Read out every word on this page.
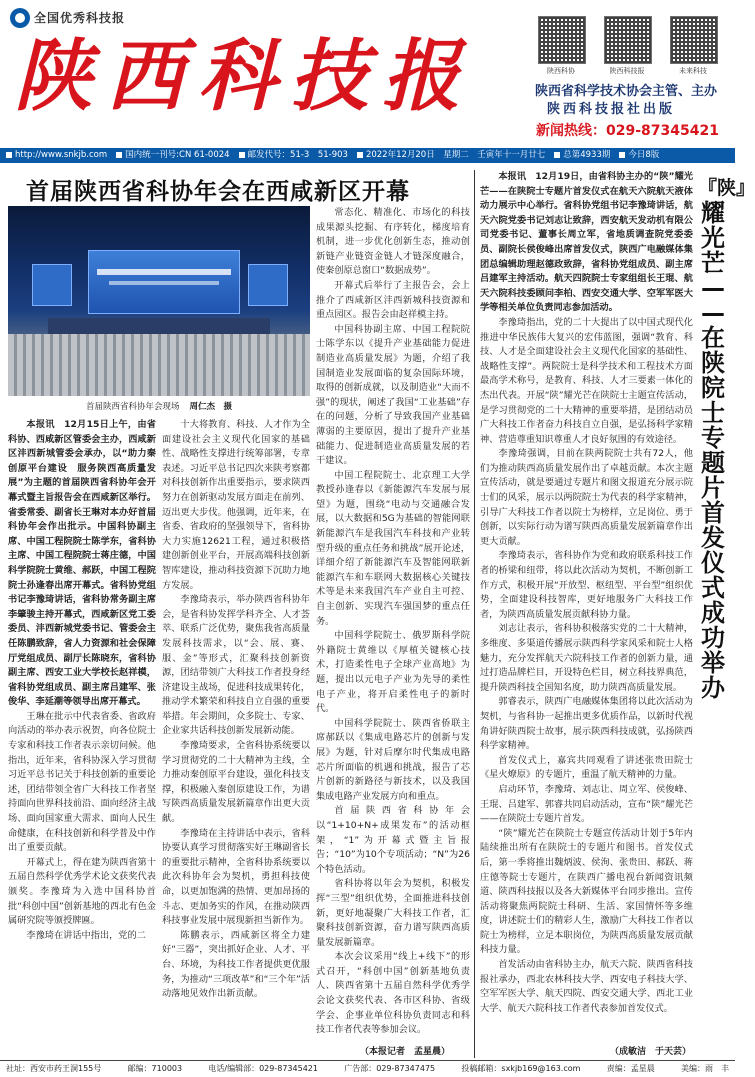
全国优秀科技报
陕西科技报	陕西科协	陕西科技报	未来科技
陕西省科学技术协会主管、主办
陕西科技报社出版
新闻热线：029-87345421
http://www.snkjb.com	国内统一刊号:CN 61-0024	邮发代号：51-3　51-903	2022年12月20日　星期二　壬寅年十一月廿七	总第4933期	今日8版
首届陕西省科协年会在西咸新区开幕
首届陕西省科协年会现场 周仁杰　摄

本报讯　12月15日上午，由省科协、西咸新区管委会主办，西咸新区沣西新城管委会承办，以“助力秦创原平台建设　服务陕西高质量发展”为主题的首届陕西省科协年会开幕式暨主旨报告会在西咸新区举行。省委常委、副省长王琳对本办好首届科协年会作出批示。中国科协副主席、中国工程院院士陈学东，省科协主席、中国工程院院士蒋庄德，中国科学院院士黄维、郝跃，中国工程院院士孙逢春出席开幕式。省科协党组书记李豫琦讲话，省科协常务副主席李肇骏主持开幕式，西咸新区党工委委员、沣西新城党委书记、管委会主任陈鹏致辞，省人力资源和社会保障厅党组成员、副厅长陈晓东，省科协副主席、西安工业大学校长赵祥模，省科协党组成员、副主席吕建军、张俊华、李延潮等领导出席开幕式。

王琳在批示中代表省委、省政府向活动的举办表示祝贺，向各位院士专家和科技工作者表示亲切问候。他指出，近年来，省科协深入学习贯彻习近平总书记关于科技创新的重要论述，团结带领全省广大科技工作者坚持面向世界科技前沿、面向经济主战场、面向国家重大需求、面向人民生命健康，在科技创新和科学普及中作出了重要贡献。

开幕式上，得在建为陕西省第十五届自然科学优秀学术论文获奖代表颁奖。李豫琦为入选中国科协首批“科创中国”创新基地的西北有色金属研究院等颁授牌匾。

李豫琦在讲话中指出，党的二

十大将教育、科技、人才作为全面建设社会主义现代化国家的基础性、战略性支撑进行统筹部署，专章表述。习近平总书记四次来陕考察都对科技创新作出重要指示，要求陕西努力在创新驱动发展方面走在前列、迈出更大步伐。他强调，近年来，在省委、省政府的坚强领导下，省科协大力实施12621工程，通过积极搭建创新创业平台，开展高端科技创新智库建设，推动科技资源下沉助力地方发展。

李豫琦表示，举办陕西省科协年会，是省科协发挥学科齐全、人才荟萃、联系广泛优势，聚焦我省高质量发展科技需求，以“会、展、赛、服、金”等形式，汇聚科技创新资源，团结带领广大科技工作者投身经济建设主战场，促进科技成果转化，推动学术繁荣和科技自立自强的重要举措。年会期间，众多院士、专家、企业家共话科技创新发展新动能。

李豫琦要求，全省科协系统要以学习贯彻党的二十大精神为主线，全力推动秦创原平台建设，强化科技支撑，积极融入秦创原建设工作，为谱写陕西高质量发展新篇章作出更大贡献。

李豫琦在主持讲话中表示，省科协要认真学习贯彻落实好王琳副省长的重要批示精神，全省科协系统要以此次科协年会为契机，勇担科技使命，以更加饱满的热情、更加昂扬的斗志、更加务实的作风，在推动陕西科技事业发展中展现新担当新作为。

陈鹏表示，西咸新区将全力建好“三器”，突出抓好企业、人才、平台、环境，为科技工作者提供更优服务，为推动“三项改革”和“三个年”活动落地见效作出新贡献。

常态化、精准化、市场化的科技成果源头挖掘、有序转化，梯度培育机制，进一步优化创新生态，推动创新链产业链资金链人才链深度融合，使秦创原总窗口“数据成势”。

开幕式后举行了主报告会，会上推介了西咸新区沣西新城科技资源和重点园区。报告会由赵祥模主持。

中国科协副主席、中国工程院院士陈学东以《提升产业基础能力促进制造业高质量发展》为题，介绍了我国制造业发展面临的复杂国际环境，取得的创新成就，以及制造业“大而不强”的现状，阐述了我国“工业基础”存在的问题，分析了导致我国产业基础薄弱的主要原因，提出了提升产业基础能力、促进制造业高质量发展的若干建议。

中国工程院院士、北京理工大学教授孙逢春以《新能源汽车发展与展望》为题，围绕“电动与交通融合发展，以大数据和5G为基础的智能网联新能源汽车是我国汽车科技和产业转型升级的重点任务和挑战”展开论述，详细介绍了新能源汽车及智能网联新能源汽车和车联网大数据核心关键技术等是未来我国汽车产业自主可控、自主创新、实现汽车强国梦的重点任务。

中国科学院院士、俄罗斯科学院外籍院士黄维以《厚植关键核心技术，打造柔性电子全球产业高地》为题，提出以元电子产业为先导的柔性电子产业，将开启柔性电子的新时代。

中国科学院院士、陕西省侨联主席郝跃以《集成电路芯片的创新与发展》为题，针对后摩尔时代集成电路芯片所面临的机遇和挑战，报告了芯片创新的新路径与新技术，以及我国集成电路产业发展方向和重点。

首届陕西省科协年会以“1+10+N+成果发布”的活动框架，“1”为开幕式暨主旨报告；“10”为10个专项活动；“N”为26个特色活动。

省科协将以年会为契机，积极发挥“三型”组织优势，全面推进科技创新，更好地凝聚广大科技工作者，汇聚科技创新资源，奋力谱写陕西高质量发展新篇章。

本次会议采用“线上+线下”的形式召开，“科创中国”创新基地负责人、陕西省第十五届自然科学优秀学会论文获奖代表、各市区科协、省级学会、企事业单位科协负责同志和科技工作者代表等参加会议。

（本报记者　孟星晨）

本报讯　12月19日，由省科协主办的“陕”耀光芒——在陕院士专题片首发仪式在航天六院航天液体动力展示中心举行。省科协党组书记李豫琦讲话，航天六院党委书记刘志让致辞，西安航天发动机有限公司党委书记、董事长周立军，省地质调查院党委委员、副院长侯俊峰出席首发仪式，陕西广电融媒体集团总编辑助理赵德政致辞，省科协党组成员、副主席吕建军主持活动。航天四院院士专家组组长王琨、航天六院科技委顾问李柏、西安交通大学、空军军医大学等相关单位负责同志参加活动。

李豫琦指出，党的二十大提出了以中国式现代化推进中华民族伟大复兴的宏伟蓝图，强调“教育、科技、人才是全面建设社会主义现代化国家的基础性、战略性支撑”。两院院士是科学技术和工程技术方面最高学术称号，是教育、科技、人才三要素一体化的杰出代表。开展“陕”耀光芒在陕院士主题宣传活动，是学习贯彻党的二十大精神的重要举措，是团结动员广大科技工作者奋力科技自立自强，是弘扬科学家精神、营造尊重知识尊重人才良好氛围的有效途径。

李豫琦强调，目前在陕两院院士共有72人，他们为推动陕西高质量发展作出了卓越贡献。本次主题宣传活动，就是要通过专题片和图文报道充分展示院士们的风采，展示以两院院士为代表的科学家精神，引导广大科技工作者以院士为榜样，立足岗位、勇于创新，以实际行动为谱写陕西高质量发展新篇章作出更大贡献。

李豫琦表示，省科协作为党和政府联系科技工作者的桥梁和纽带，将以此次活动为契机，不断创新工作方式，积极开展“开放型、枢纽型、平台型”组织优势，全面建设科技智库，更好地服务广大科技工作者，为陕西高质量发展贡献科协力量。

刘志让表示，省科协积极落实党的二十大精神，多维度、多渠道传播展示陕西科学家风采和院士人格魅力，充分发挥航天六院科技工作者的创新力量，通过打造品牌栏目，开设特色栏目，树立科技界典范，提升陕西科技全国知名度，助力陕西高质量发展。

郭睿表示，陕西广电融媒体集团将以此次活动为契机，与省科协一起推出更多优质作品，以新时代视角讲好陕西院士故事，展示陕西科技成就，弘扬陕西科学家精神。

首发仪式上，嘉宾共同观看了讲述张贵田院士《星火燎原》的专题片，重温了航天精神的力量。

启动环节，李豫琦、刘志让、周立军、侯俊峰、王琨、吕建军、郭睿共同启动活动，宣布“陕”耀光芒——在陕院士专题片首发。

“陕”耀光芒在陕院士专题宣传活动计划于5年内陆续推出所有在陕院士的专题片和图书。首发仪式后，第一季将推出魏炳波、侯洵、张贵田、郝跃、蒋庄德等院士专题片，在陕西广播电视台新闻资讯频道、陕西科技报以及各大新媒体平台同步推出。宣传活动将聚焦两院院士科研、生活、家国情怀等多维度，讲述院士们的精彩人生，激励广大科技工作者以院士为榜样，立足本职岗位，为陕西高质量发展贡献科技力量。

首发活动由省科协主办，航天六院、陕西省科技报社承办，西北农林科技大学、西安电子科技大学、空军军医大学、航天四院、西安交通大学、西北工业大学、航天六院科技工作者代表参加首发仪式。

（成敏洁　于天芸）
『陕』
耀
光
芒
—
—
在
陕
院
士
专
题
片
首
发
仪
式
成
功
举
办
社址：西安市药王洞155号	邮编：710003	电话/编辑部：029-87345421	广告部：029-87347475	投稿邮箱：sxkjb169@163.com	责编：孟星晨	美编：雨　丰
